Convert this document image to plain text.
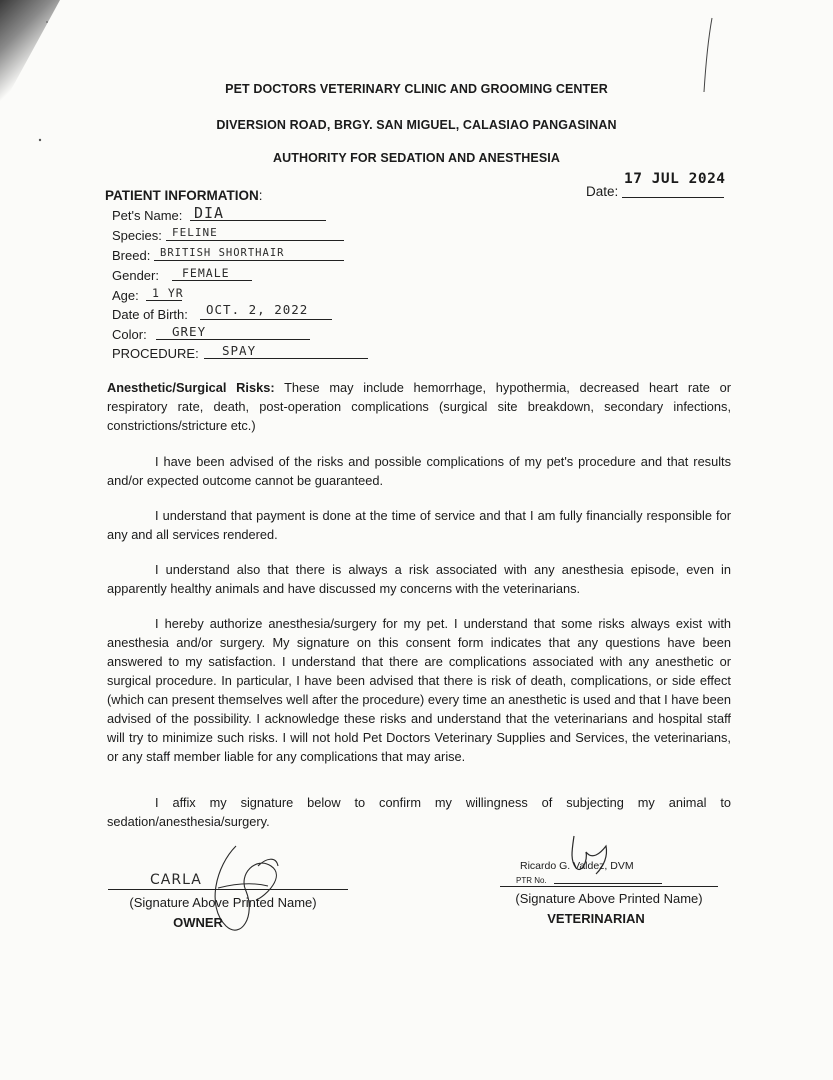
PET DOCTORS VETERINARY CLINIC AND GROOMING CENTER
DIVERSION ROAD, BRGY. SAN MIGUEL, CALASIAO PANGASINAN
AUTHORITY FOR SEDATION AND ANESTHESIA
PATIENT INFORMATION:	Date:
17 JUL 2024
Pet's Name: DIA
Species: FELINE
Breed: BRITISH SHORTHAIR
Gender: FEMALE
Age: 1 YR
Date of Birth: OCT. 2, 2022
Color: GREY
PROCEDURE: SPAY
Anesthetic/Surgical Risks: These may include hemorrhage, hypothermia, decreased heart rate or respiratory rate, death, post-operation complications (surgical site breakdown, secondary infections, constrictions/stricture etc.)
I have been advised of the risks and possible complications of my pet's procedure and that results and/or expected outcome cannot be guaranteed.
I understand that payment is done at the time of service and that I am fully financially responsible for any and all services rendered.
I understand also that there is always a risk associated with any anesthesia episode, even in apparently healthy animals and have discussed my concerns with the veterinarians.
I hereby authorize anesthesia/surgery for my pet. I understand that some risks always exist with anesthesia and/or surgery. My signature on this consent form indicates that any questions have been answered to my satisfaction. I understand that there are complications associated with any anesthetic or surgical procedure. In particular, I have been advised that there is risk of death, complications, or side effect (which can present themselves well after the procedure) every time an anesthetic is used and that I have been advised of the possibility. I acknowledge these risks and understand that the veterinarians and hospital staff will try to minimize such risks. I will not hold Pet Doctors Veterinary Supplies and Services, the veterinarians, or any staff member liable for any complications that may arise.
I affix my signature below to confirm my willingness of subjecting my animal to sedation/anesthesia/surgery.
CARLA
(Signature Above Printed Name)
OWNER
Ricardo G. Valdez, DVM
PTR No.
(Signature Above Printed Name)
VETERINARIAN
